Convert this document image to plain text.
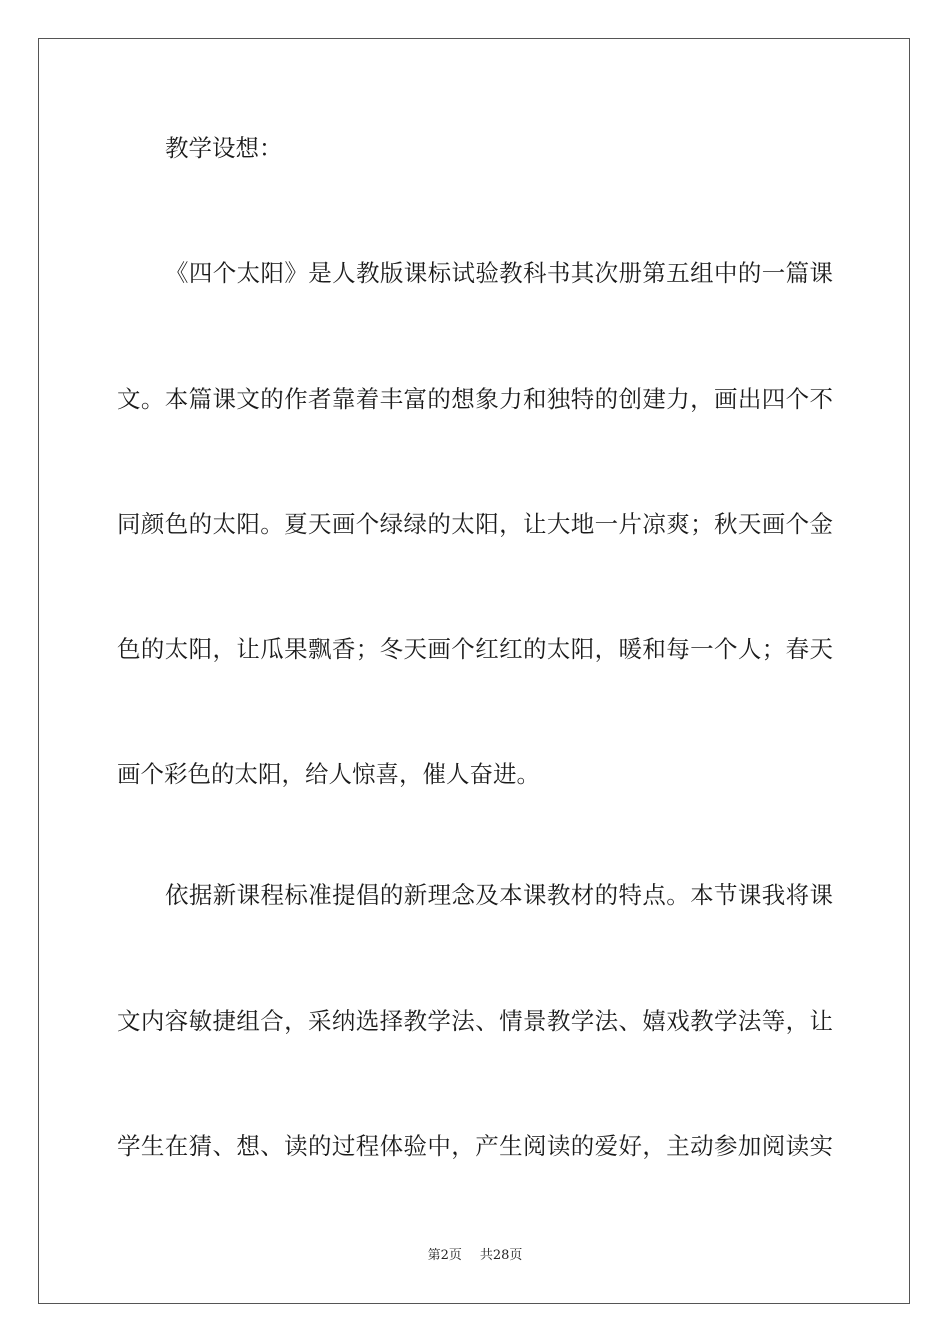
教学设想：
《四个太阳》是人教版课标试验教科书其次册第五组中的一篇课
文。本篇课文的作者靠着丰富的想象力和独特的创建力，画出四个不
同颜色的太阳。夏天画个绿绿的太阳，让大地一片凉爽；秋天画个金
色的太阳，让瓜果飘香；冬天画个红红的太阳，暖和每一个人；春天
画个彩色的太阳，给人惊喜，催人奋进。
依据新课程标准提倡的新理念及本课教材的特点。本节课我将课
文内容敏捷组合，采纳选择教学法、情景教学法、嬉戏教学法等，让
学生在猜、想、读的过程体验中，产生阅读的爱好，主动参加阅读实
第2页 共28页
